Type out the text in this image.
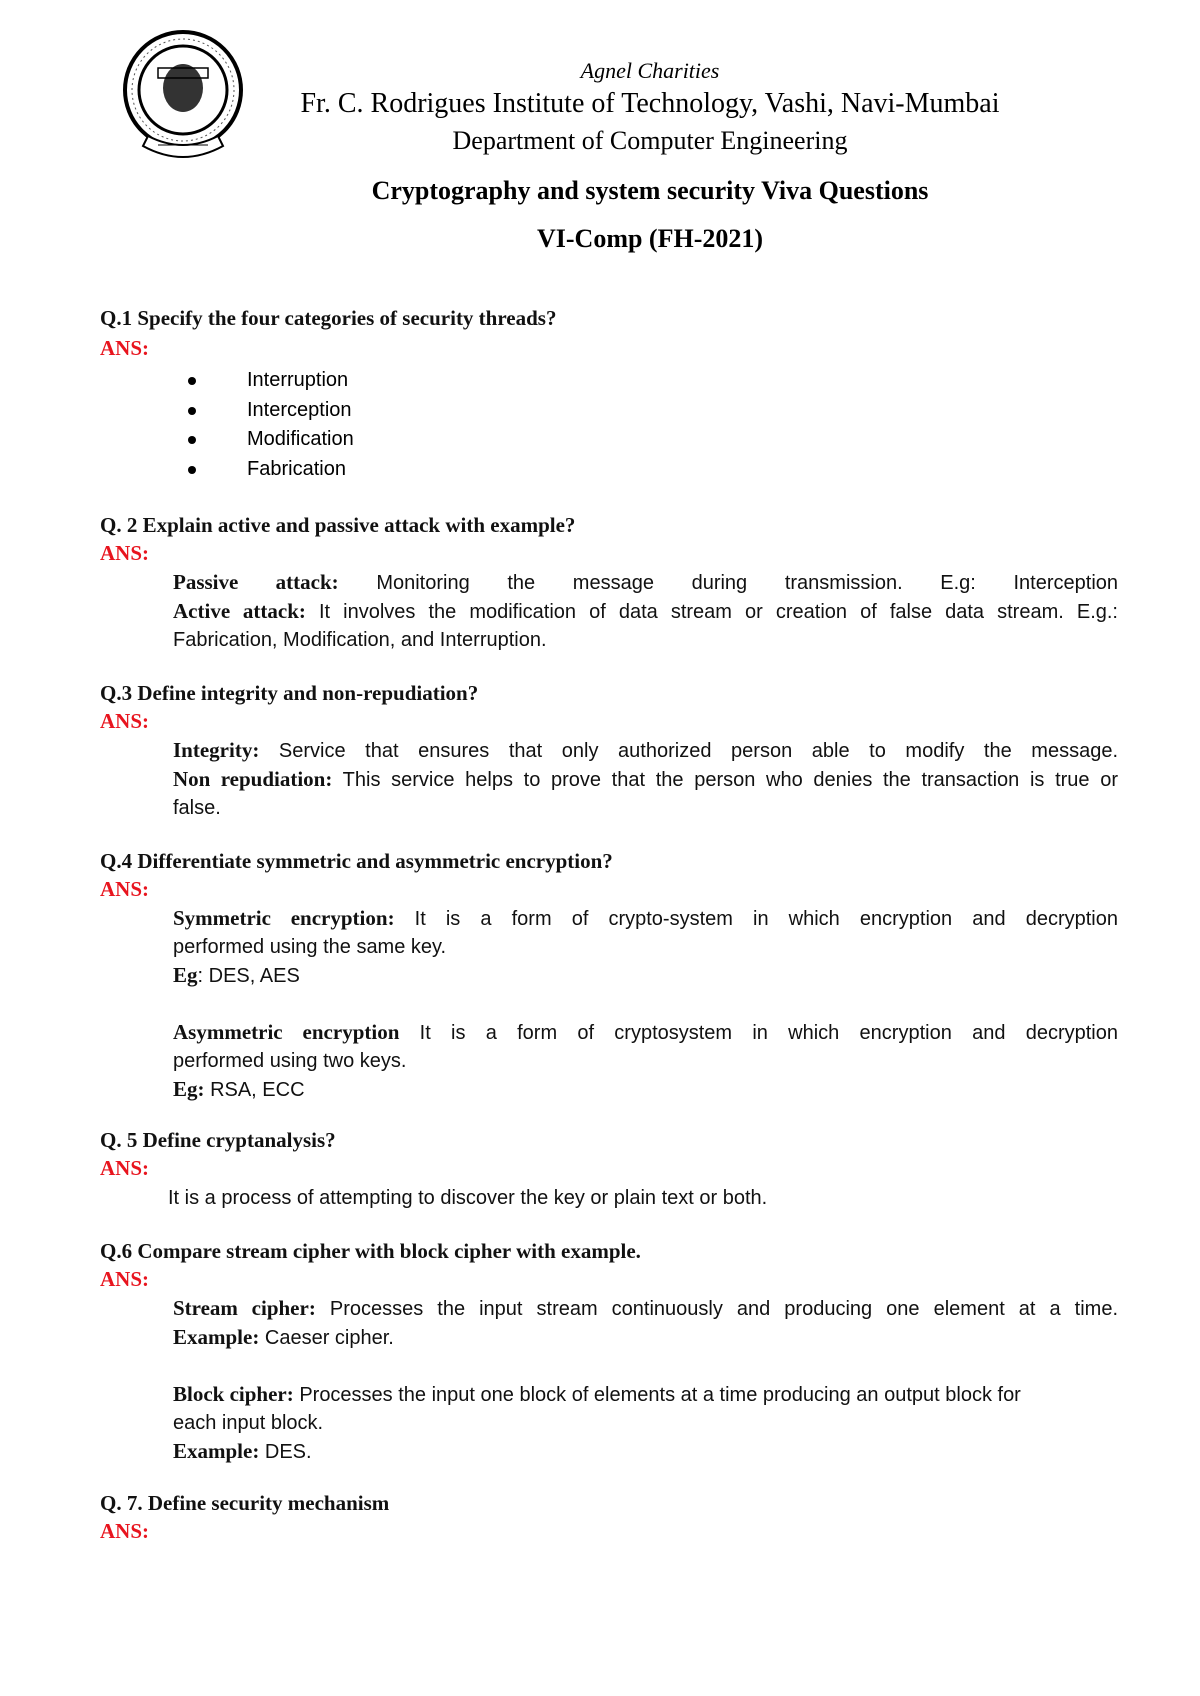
Agnel Charities
Fr. C. Rodrigues Institute of Technology, Vashi, Navi-Mumbai
Department of Computer Engineering
Cryptography and system security Viva Questions
VI-Comp (FH-2021)
Q.1 Specify the four categories of security threads?
ANS:
Interruption
Interception
Modification
Fabrication
Q. 2 Explain active and passive attack with example?
ANS:
Passive attack: Monitoring the message during transmission. E.g: Interception
Active attack: It involves the modification of data stream or creation of false data stream. E.g.:
Fabrication, Modification, and Interruption.
Q.3 Define integrity and non-repudiation?
ANS:
Integrity: Service that ensures that only authorized person able to modify the message.
Non repudiation: This service helps to prove that the person who denies the transaction is true or
false.
Q.4 Differentiate symmetric and asymmetric encryption?
ANS:
Symmetric encryption: It is a form of crypto-system in which encryption and decryption
performed using the same key.
Eg: DES, AES

Asymmetric encryption It is a form of cryptosystem in which encryption and decryption
performed using two keys.
Eg: RSA, ECC
Q. 5 Define cryptanalysis?
ANS:
It is a process of attempting to discover the key or plain text or both.
Q.6 Compare stream cipher with block cipher with example.
ANS:
Stream cipher: Processes the input stream continuously and producing one element at a time.
Example: Caeser cipher.

Block cipher: Processes the input one block of elements at a time producing an output block for
each input block.
Example: DES.
Q. 7. Define security mechanism
ANS:
